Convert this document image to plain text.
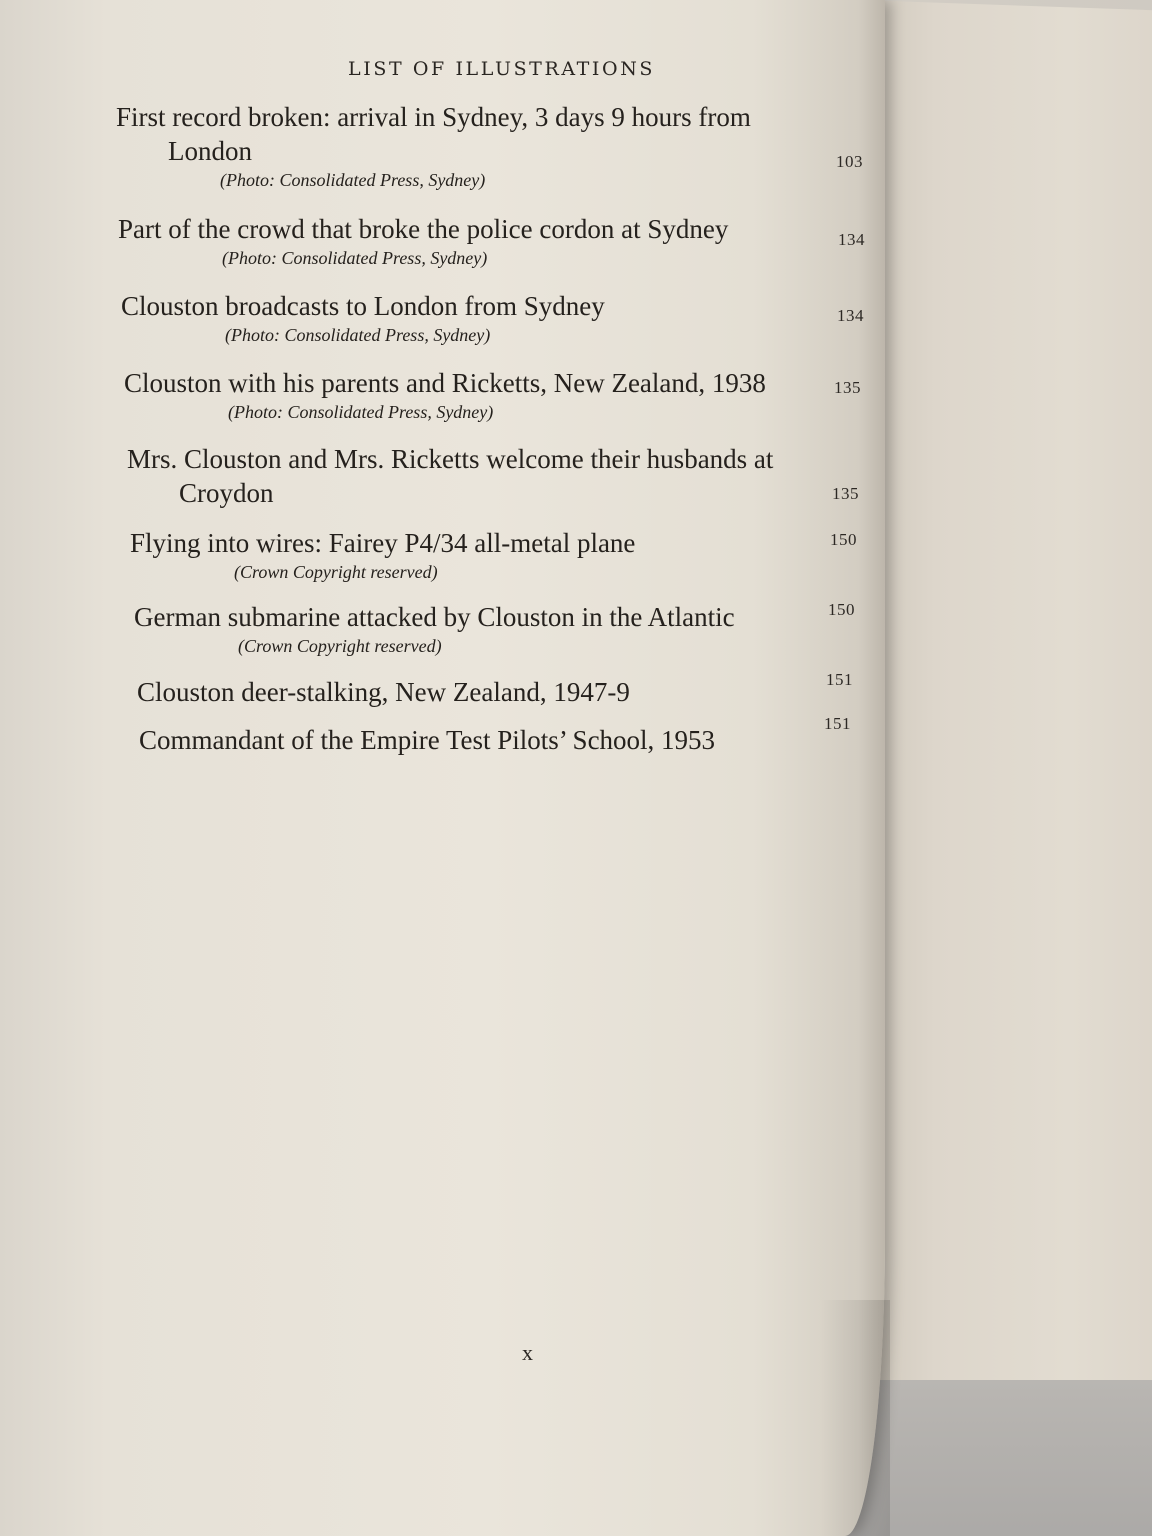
LIST OF ILLUSTRATIONS
First record broken: arrival in Sydney, 3 days 9 hours from
London
(Photo: Consolidated Press, Sydney)
103
Part of the crowd that broke the police cordon at Sydney
(Photo: Consolidated Press, Sydney)
134
Clouston broadcasts to London from Sydney
(Photo: Consolidated Press, Sydney)
134
Clouston with his parents and Ricketts, New Zealand, 1938
(Photo: Consolidated Press, Sydney)
135
Mrs. Clouston and Mrs. Ricketts welcome their husbands at
Croydon	135
Flying into wires: Fairey P4/34 all-metal plane
(Crown Copyright reserved)
150
German submarine attacked by Clouston in the Atlantic
(Crown Copyright reserved)
150
Clouston deer-stalking, New Zealand, 1947-9	151
Commandant of the Empire Test Pilots’ School, 1953
151
x
